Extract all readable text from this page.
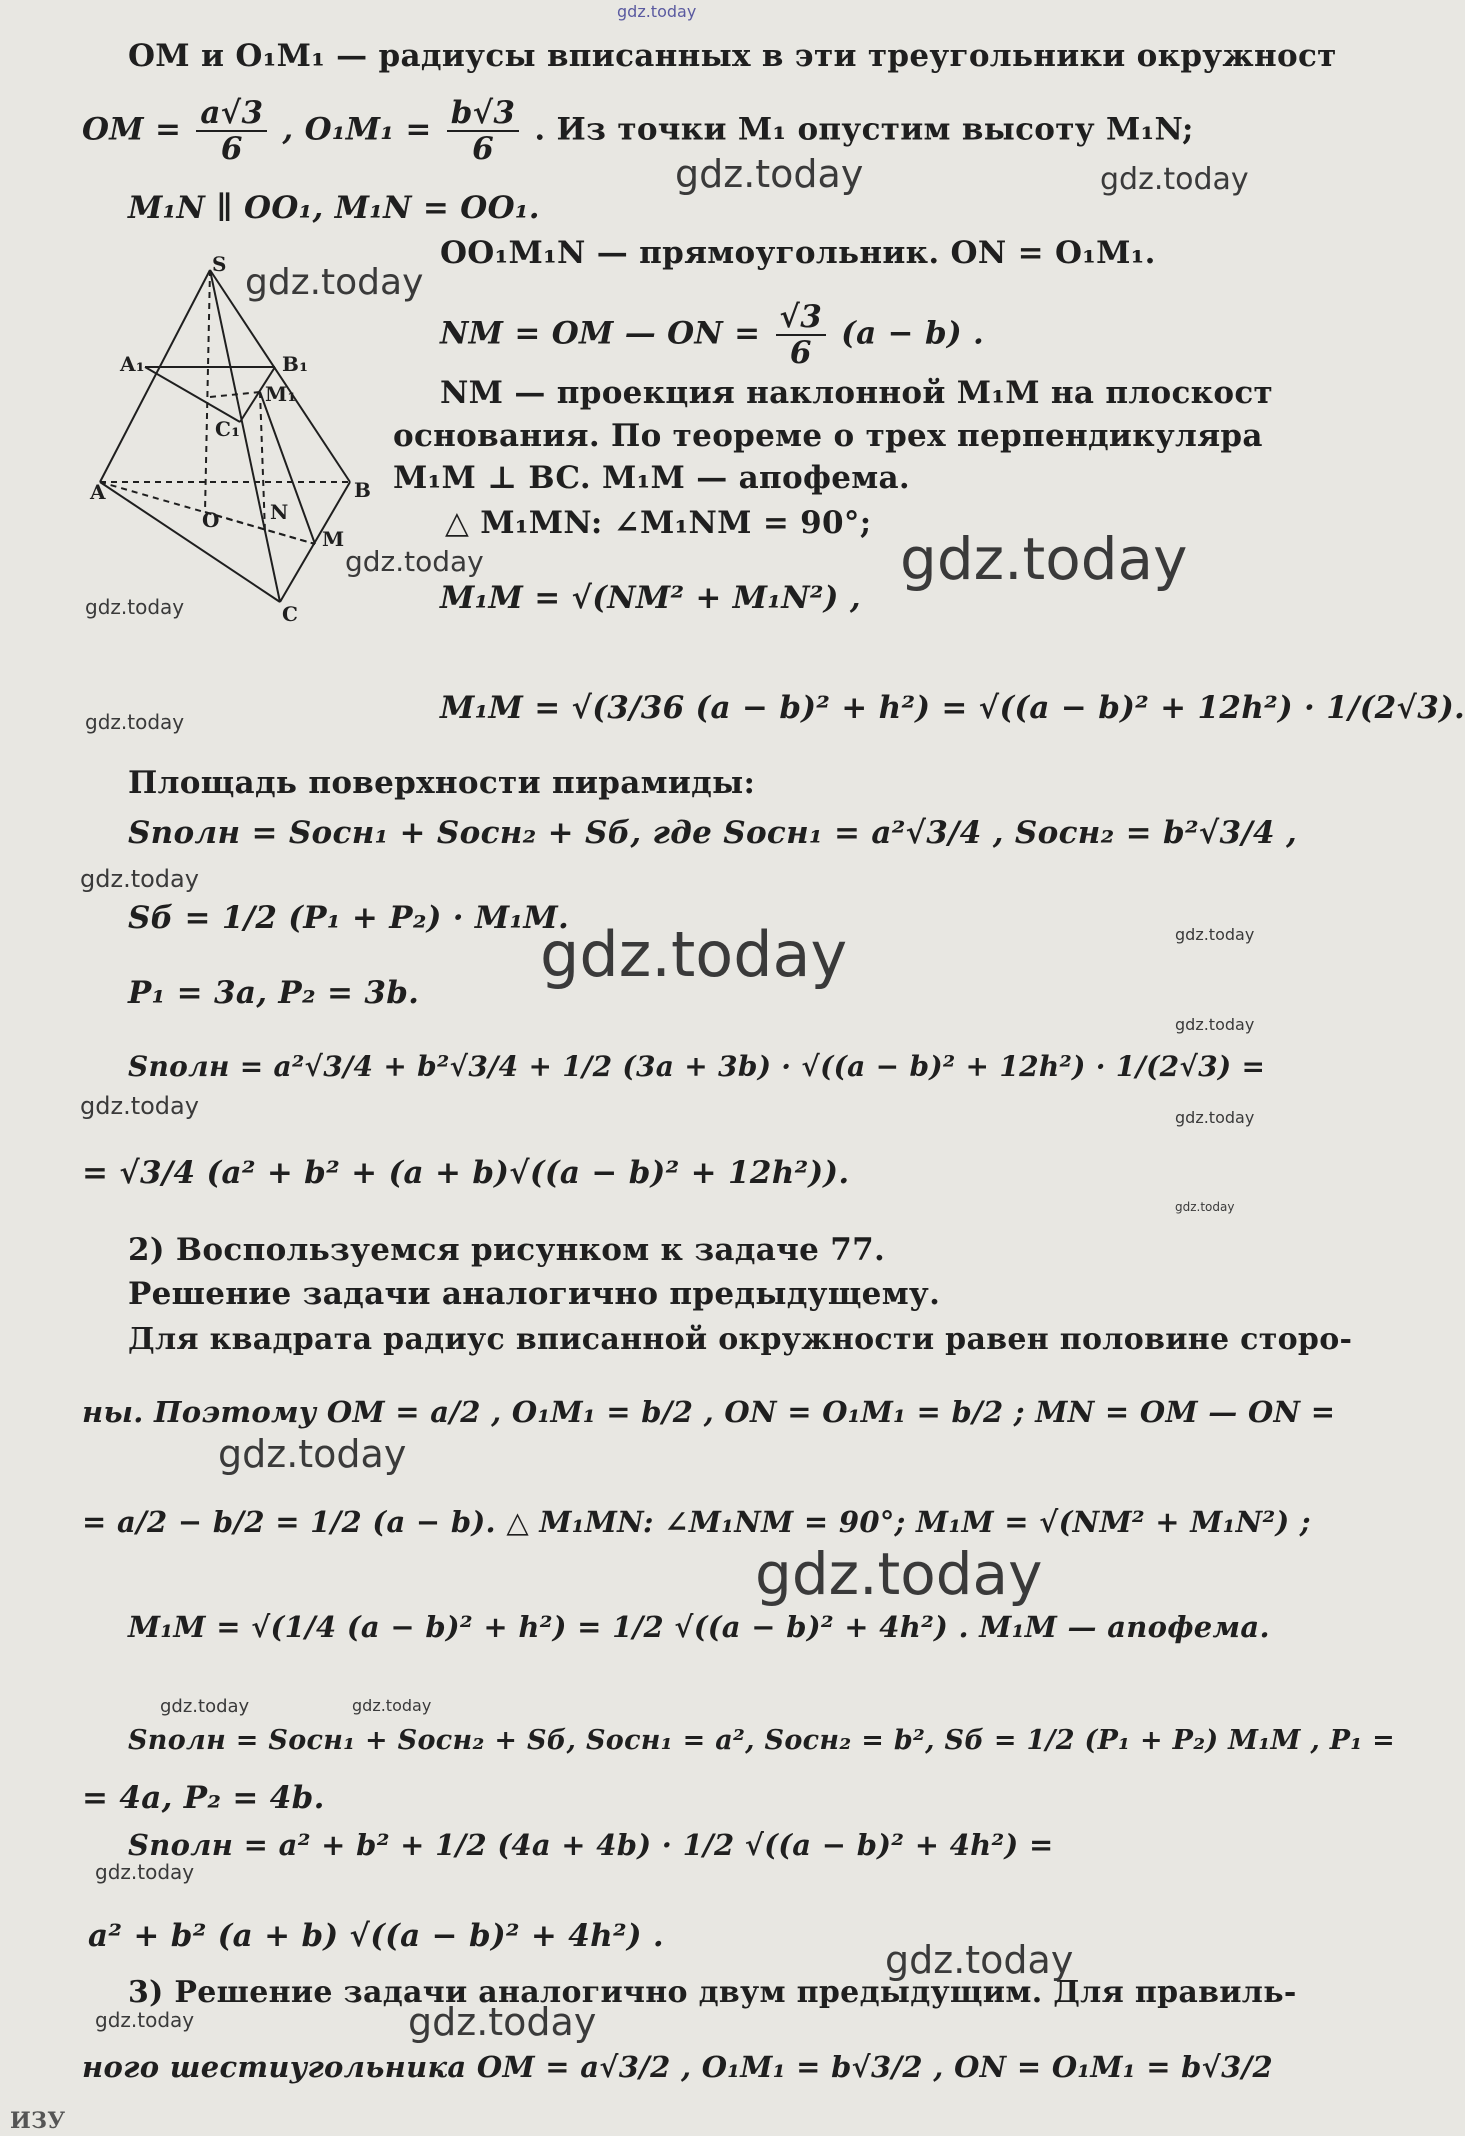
gdz.today
OM и O₁M₁ — радиусы вписанных в эти треугольники окружност
OM = $\frac{a√3}{6}$ , $O_1M_1 = \frac{b√3}{6}$ . Из точки M₁ опустим высоту M₁N;
M₁N ∥ OO₁, M₁N = OO₁.
OO₁M₁N — прямоугольник. ON = O₁M₁.
NM = OM — ON = $\frac{√3}{6} (a - b)$ .
NM — проекция наклонной M₁M на плоскост
основания. По теореме о трех перпендикуляра
M₁M ⊥ BC. M₁M — апофема.
△ M₁MN: ∠M₁NM = 90°;
M₁M = √(NM² + M₁N²) ,
M₁M = √(3/36 (a − b)² + h²) = √((a − b)² + 12h²) · 1/(2√3).
Площадь поверхности пирамиды:
Sполн = Sосн₁ + Sосн₂ + Sб, где Sосн₁ = a²√3/4 , Sосн₂ = b²√3/4 ,
Sб = 1/2 (P₁ + P₂) · M₁M.
P₁ = 3a, P₂ = 3b.
Sполн = a²√3/4 + b²√3/4 + 1/2 (3a + 3b) · √((a − b)² + 12h²) · 1/(2√3) =
= √3/4 (a² + b² + (a + b)√((a − b)² + 12h²)).
2) Воспользуемся рисунком к задаче 77.
Решение задачи аналогично предыдущему.
Для квадрата радиус вписанной окружности равен половине сторо-
ны. Поэтому OM = a/2 , O₁M₁ = b/2 , ON = O₁M₁ = b/2 ; MN = OM — ON =
= a/2 − b/2 = 1/2 (a − b). △ M₁MN: ∠M₁NM = 90°; M₁M = √(NM² + M₁N²) ;
M₁M = √(1/4 (a − b)² + h²) = 1/2 √((a − b)² + 4h²) . M₁M — апофема.
Sполн = Sосн₁ + Sосн₂ + Sб, Sосн₁ = a², Sосн₂ = b², Sб = 1/2 (P₁ + P₂) M₁M , P₁ =
= 4a, P₂ = 4b.
Sполн = a² + b² + 1/2 (4a + 4b) · 1/2 √((a − b)² + 4h²) =
a² + b² (a + b) √((a − b)² + 4h²) .
3) Решение задачи аналогично двум предыдущим. Для правиль-
ного шестиугольника OM = a√3/2 , O₁M₁ = b√3/2 , ON = O₁M₁ = b√3/2
S
A₁	B₁
M₁
C₁
A	B
O	N
M
C
gdz.today	gdz.today
gdz.today
gdz.today
gdz.today
gdz.today
gdz.today
gdz.today
gdz.today	gdz.today
gdz.today
gdz.today	gdz.today
gdz.today
gdz.today
gdz.today
gdz.today	gdz.today
gdz.today
gdz.today
gdz.today	gdz.today
ИЗУ
